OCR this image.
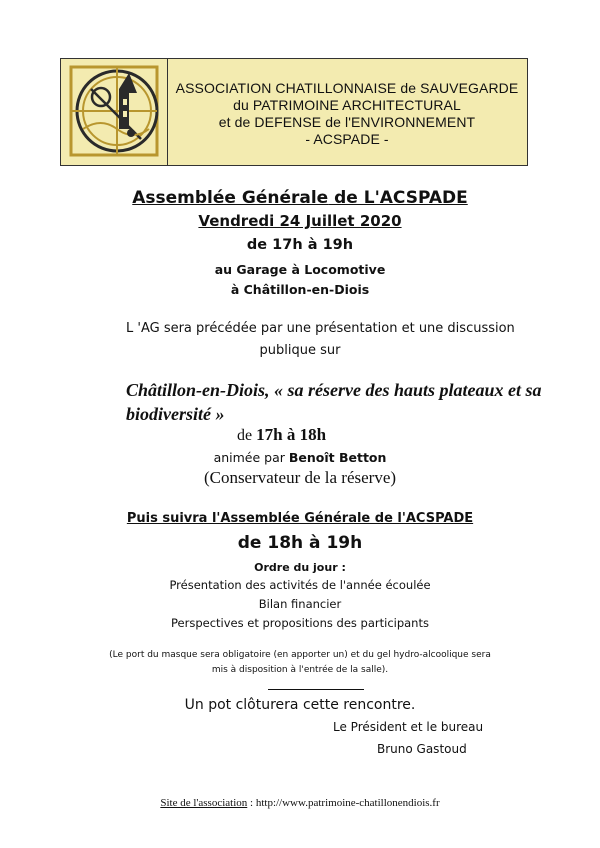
ASSOCIATION CHATILLONNAISE de SAUVEGARDE
du PATRIMOINE ARCHITECTURAL
et de DEFENSE de l'ENVIRONNEMENT
- ACSPADE -
Assemblée Générale de L'ACSPADE
Vendredi 24 Juillet 2020
de 17h à 19h
au Garage à Locomotive
à Châtillon-en-Diois
L 'AG sera précédée par une présentation et une discussion
publique sur
Châtillon-en-Diois, « sa réserve des hauts plateaux et sa biodiversité »
de 17h à 18h
animée par Benoît Betton
(Conservateur de la réserve)
Puis suivra l'Assemblée Générale de l'ACSPADE
de 18h à 19h
Ordre du jour :
Présentation des activités de l'année écoulée
Bilan financier
Perspectives et propositions des participants
(Le port du masque sera obligatoire (en apporter un) et du gel hydro-alcoolique sera
mis à disposition à l'entrée de la salle).
Un pot clôturera cette rencontre.
Le Président et le bureau
Bruno Gastoud
Site de l'association : http://www.patrimoine-chatillonendiois.fr
